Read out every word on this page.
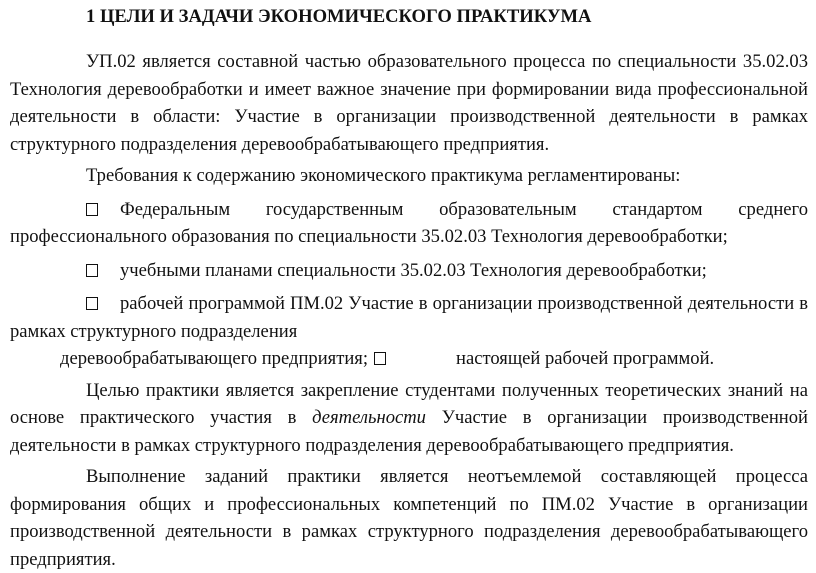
1 ЦЕЛИ И ЗАДАЧИ ЭКОНОМИЧЕСКОГО ПРАКТИКУМА

УП.02 является составной частью образовательного процесса по специальности 35.02.03 Технология деревообработки и имеет важное значение при формировании вида профессиональной деятельности в области: Участие в организации производственной деятельности в рамках структурного подразделения деревообрабатывающего предприятия.

Требования к содержанию экономического практикума регламентированы:

Федеральным государственным образовательным стандартом среднего профессионального образования по специальности 35.02.03 Технология деревообработки;

учебными планами специальности 35.02.03 Технология деревообработки;

рабочей программой ПМ.02 Участие в организации производственной деятельности в рамках структурного подразделения

деревообрабатывающего предприятия;	настоящей рабочей программой.

Целью практики является закрепление студентами полученных теоретических знаний на основе практического участия в деятельности Участие в организации производственной деятельности в рамках структурного подразделения деревообрабатывающего предприятия.

Выполнение заданий практики является неотъемлемой составляющей процесса формирования общих и профессиональных компетенций по ПМ.02 Участие в организации производственной деятельности в рамках структурного подразделения деревообрабатывающего предприятия.
